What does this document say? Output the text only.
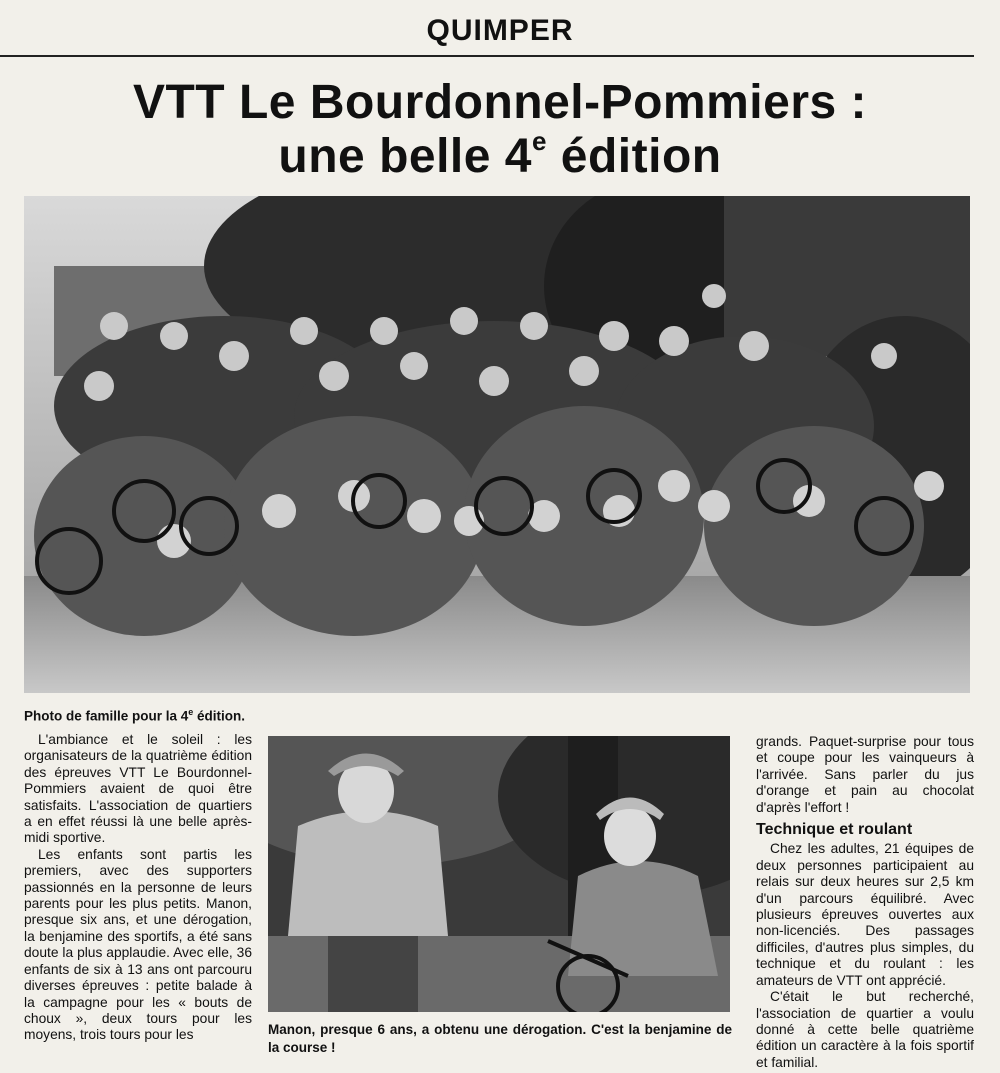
QUIMPER
VTT Le Bourdonnel-Pommiers :
une belle 4e édition
Photo de famille pour la 4e édition.

L'ambiance et le soleil : les organisateurs de la quatrième édition des épreuves VTT Le Bourdonnel-Pommiers avaient de quoi être satisfaits. L'association de quartiers a en effet réussi là une belle après-midi sportive.

Les enfants sont partis les premiers, avec des supporters passionnés en la personne de leurs parents pour les plus petits. Manon, presque six ans, et une dérogation, la benjamine des sportifs, a été sans doute la plus applaudie. Avec elle, 36 enfants de six à 13 ans ont parcouru diverses épreuves : petite balade à la campagne pour les « bouts de choux », deux tours pour les moyens, trois tours pour les	Manon, presque 6 ans, a obtenu une dérogation. C'est la benjamine de la course !

grands. Paquet-surprise pour tous et coupe pour les vainqueurs à l'arrivée. Sans parler du jus d'orange et pain au chocolat d'après l'effort !

Technique et roulant

Chez les adultes, 21 équipes de deux personnes participaient au relais sur deux heures sur 2,5 km d'un parcours équilibré. Avec plusieurs épreuves ouvertes aux non-licenciés. Des passages difficiles, d'autres plus simples, du technique et du roulant : les amateurs de VTT ont apprécié.

C'était le but recherché, l'association de quartier a voulu donné à cette belle quatrième édition un caractère à la fois sportif et familial.
